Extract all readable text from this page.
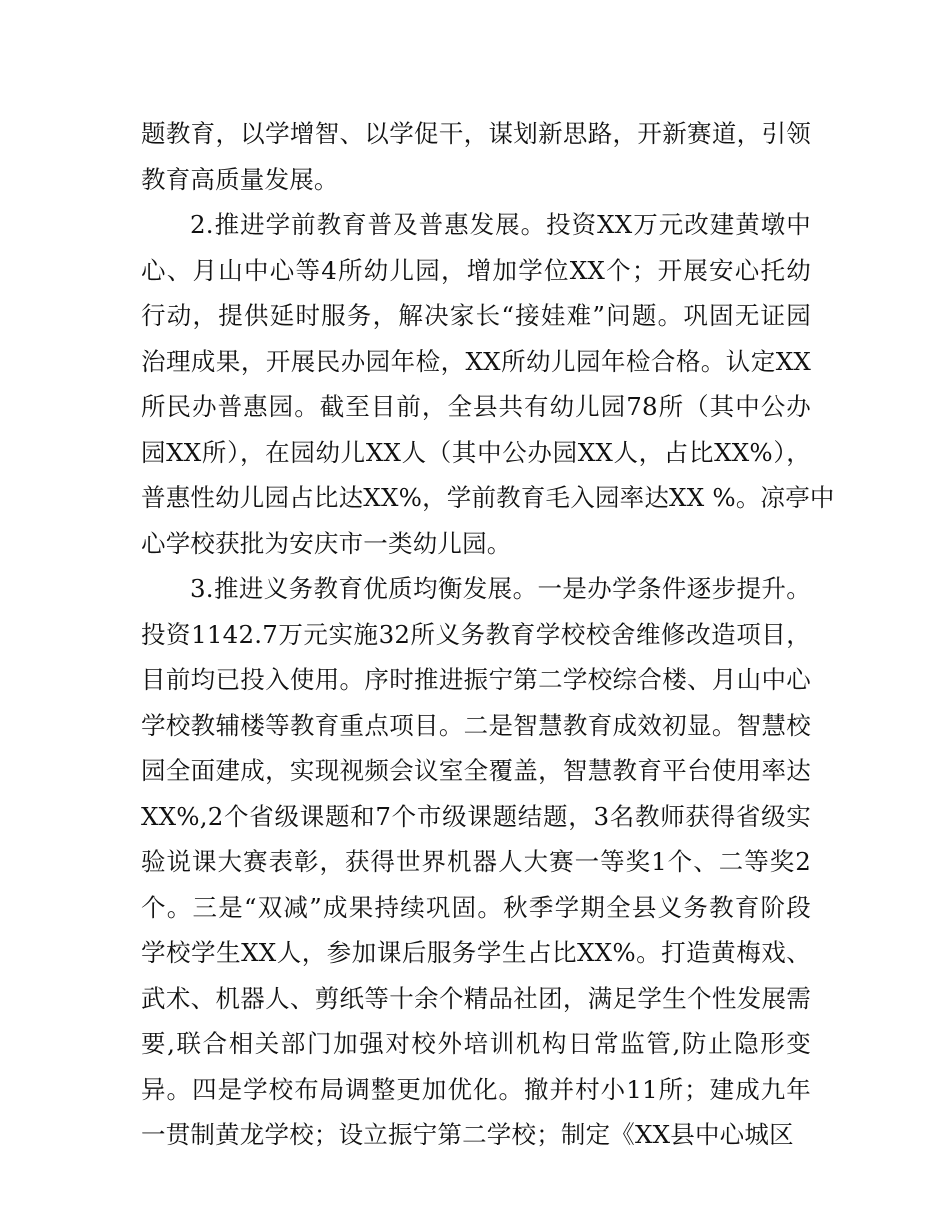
题教育，以学增智、以学促干，谋划新思路，开新赛道，引领
教育高质量发展。
2.推进学前教育普及普惠发展。投资XX万元改建黄墩中
心、月山中心等4所幼儿园，增加学位XX个；开展安心托幼
行动，提供延时服务，解决家长“接娃难”问题。巩固无证园
治理成果，开展民办园年检，XX所幼儿园年检合格。认定XX
所民办普惠园。截至目前，全县共有幼儿园78所（其中公办
园XX所），在园幼儿XX人（其中公办园XX人，占比XX%），
普惠性幼儿园占比达XX%，学前教育毛入园率达XX %。凉亭中
心学校获批为安庆市一类幼儿园。
3.推进义务教育优质均衡发展。一是办学条件逐步提升。
投资1142.7万元实施32所义务教育学校校舍维修改造项目，
目前均已投入使用。序时推进振宁第二学校综合楼、月山中心
学校教辅楼等教育重点项目。二是智慧教育成效初显。智慧校
园全面建成，实现视频会议室全覆盖，智慧教育平台使用率达
XX%,2个省级课题和7个市级课题结题，3名教师获得省级实
验说课大赛表彰，获得世界机器人大赛一等奖1个、二等奖2
个。三是“双减”成果持续巩固。秋季学期全县义务教育阶段
学校学生XX人，参加课后服务学生占比XX%。打造黄梅戏、
武术、机器人、剪纸等十余个精品社团，满足学生个性发展需
要,联合相关部门加强对校外培训机构日常监管,防止隐形变
异。四是学校布局调整更加优化。撤并村小11所；建成九年
一贯制黄龙学校；设立振宁第二学校；制定《XX县中心城区
